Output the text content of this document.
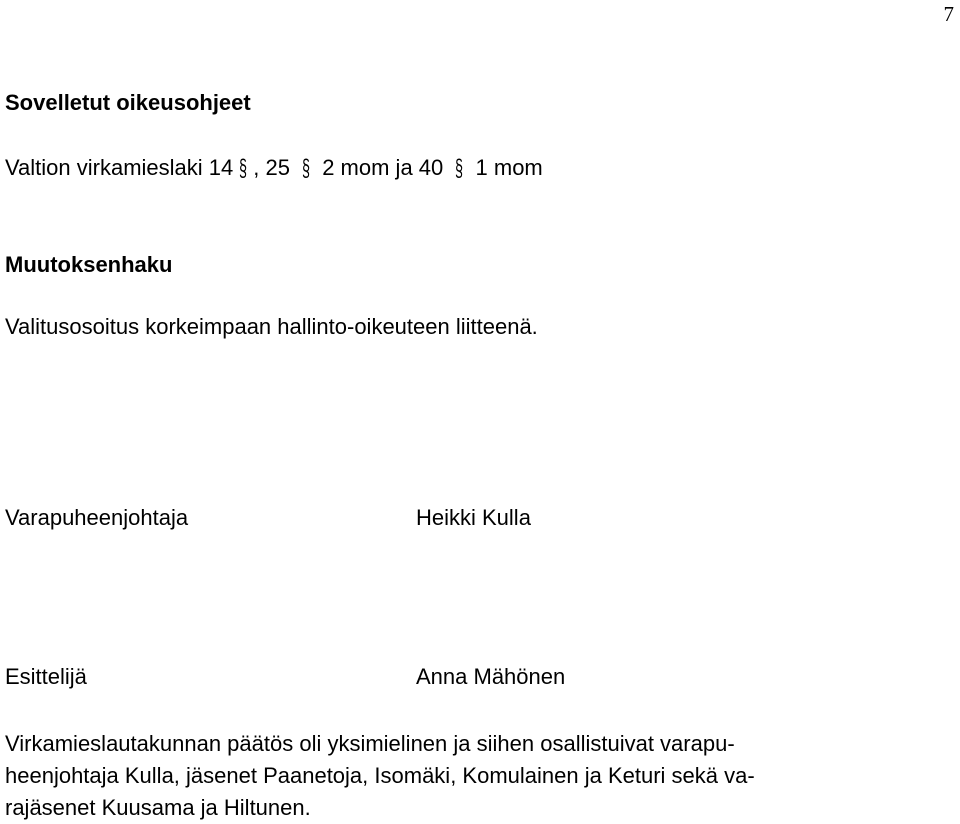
7
Sovelletut oikeusohjeet
Valtion virkamieslaki 14 § , 25 § 2 mom ja 40 § 1 mom
Muutoksenhaku
Valitusosoitus korkeimpaan hallinto-oikeuteen liitteenä.
Varapuheenjohtaja	Heikki Kulla
Esittelijä	Anna Mähönen
Virkamieslautakunnan päätös oli yksimielinen ja siihen osallistuivat varapu-
heenjohtaja Kulla, jäsenet Paanetoja, Isomäki, Komulainen ja Keturi sekä va-
rajäsenet Kuusama ja Hiltunen.
